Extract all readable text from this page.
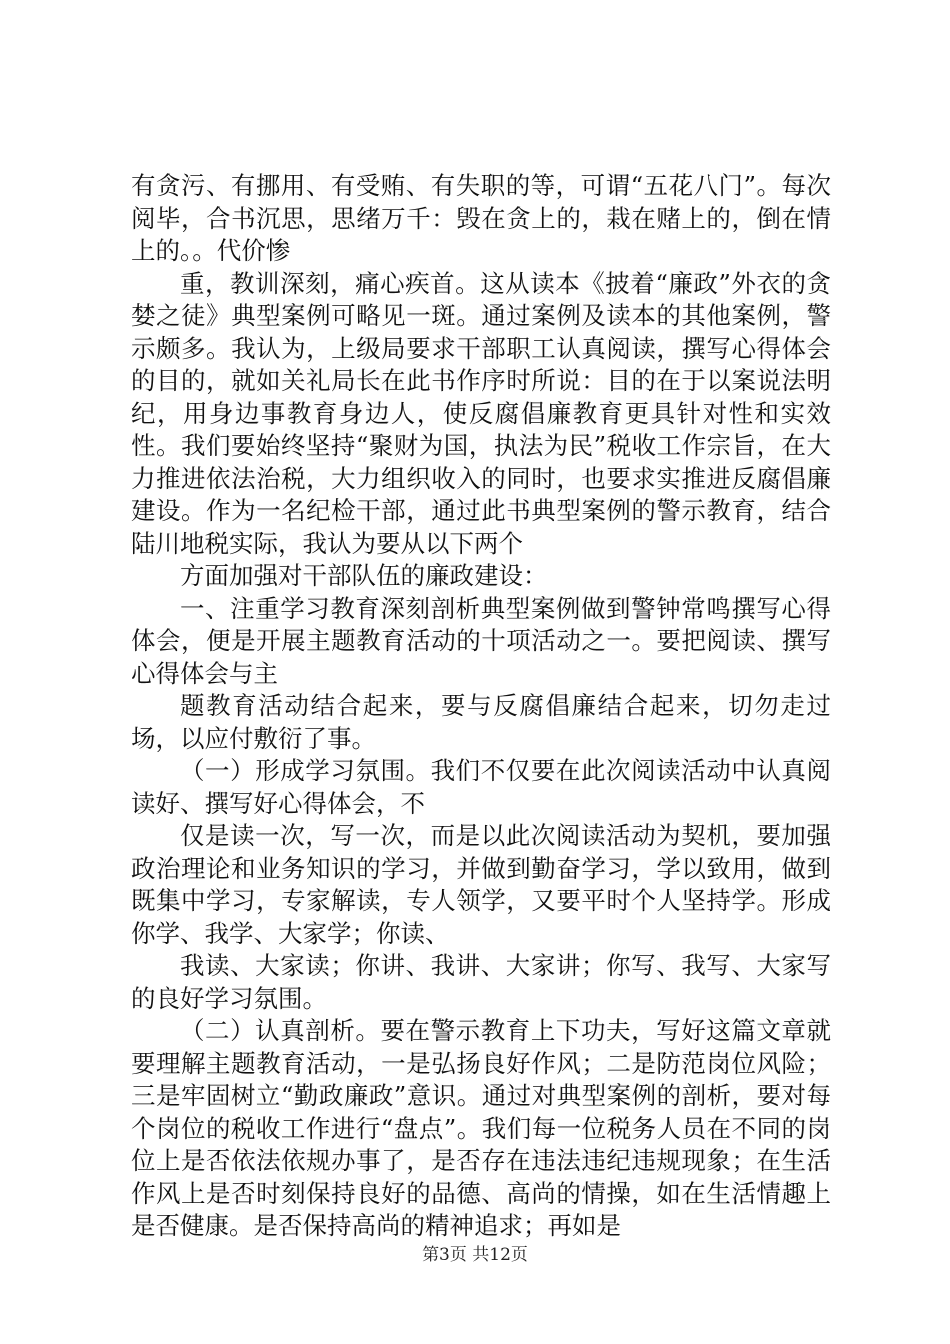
有贪污、有挪用、有受贿、有失职的等，可谓“五花八门”。每次阅毕，合书沉思，思绪万千：毁在贪上的，栽在赌上的，倒在情上的。。代价惨

重，教训深刻，痛心疾首。这从读本《披着“廉政”外衣的贪婪之徒》典型案例可略见一斑。通过案例及读本的其他案例，警示颇多。我认为，上级局要求干部职工认真阅读，撰写心得体会的目的，就如关礼局长在此书作序时所说：目的在于以案说法明纪，用身边事教育身边人，使反腐倡廉教育更具针对性和实效性。我们要始终坚持“聚财为国，执法为民”税收工作宗旨，在大力推进依法治税，大力组织收入的同时，也要求实推进反腐倡廉建设。作为一名纪检干部，通过此书典型案例的警示教育，结合陆川地税实际，我认为要从以下两个

方面加强对干部队伍的廉政建设：

一、注重学习教育深刻剖析典型案例做到警钟常鸣撰写心得体会，便是开展主题教育活动的十项活动之一。要把阅读、撰写心得体会与主

题教育活动结合起来，要与反腐倡廉结合起来，切勿走过场，以应付敷衍了事。

（一）形成学习氛围。我们不仅要在此次阅读活动中认真阅读好、撰写好心得体会，不

仅是读一次，写一次，而是以此次阅读活动为契机，要加强政治理论和业务知识的学习，并做到勤奋学习，学以致用，做到既集中学习，专家解读，专人领学，又要平时个人坚持学。形成你学、我学、大家学；你读、

我读、大家读；你讲、我讲、大家讲；你写、我写、大家写的良好学习氛围。

（二）认真剖析。要在警示教育上下功夫，写好这篇文章就要理解主题教育活动，一是弘扬良好作风；二是防范岗位风险；三是牢固树立“勤政廉政”意识。通过对典型案例的剖析，要对每个岗位的税收工作进行“盘点”。我们每一位税务人员在不同的岗位上是否依法依规办事了，是否存在违法违纪违规现象；在生活作风上是否时刻保持良好的品德、高尚的情操，如在生活情趣上是否健康。是否保持高尚的精神追求；再如是

第3页 共12页
